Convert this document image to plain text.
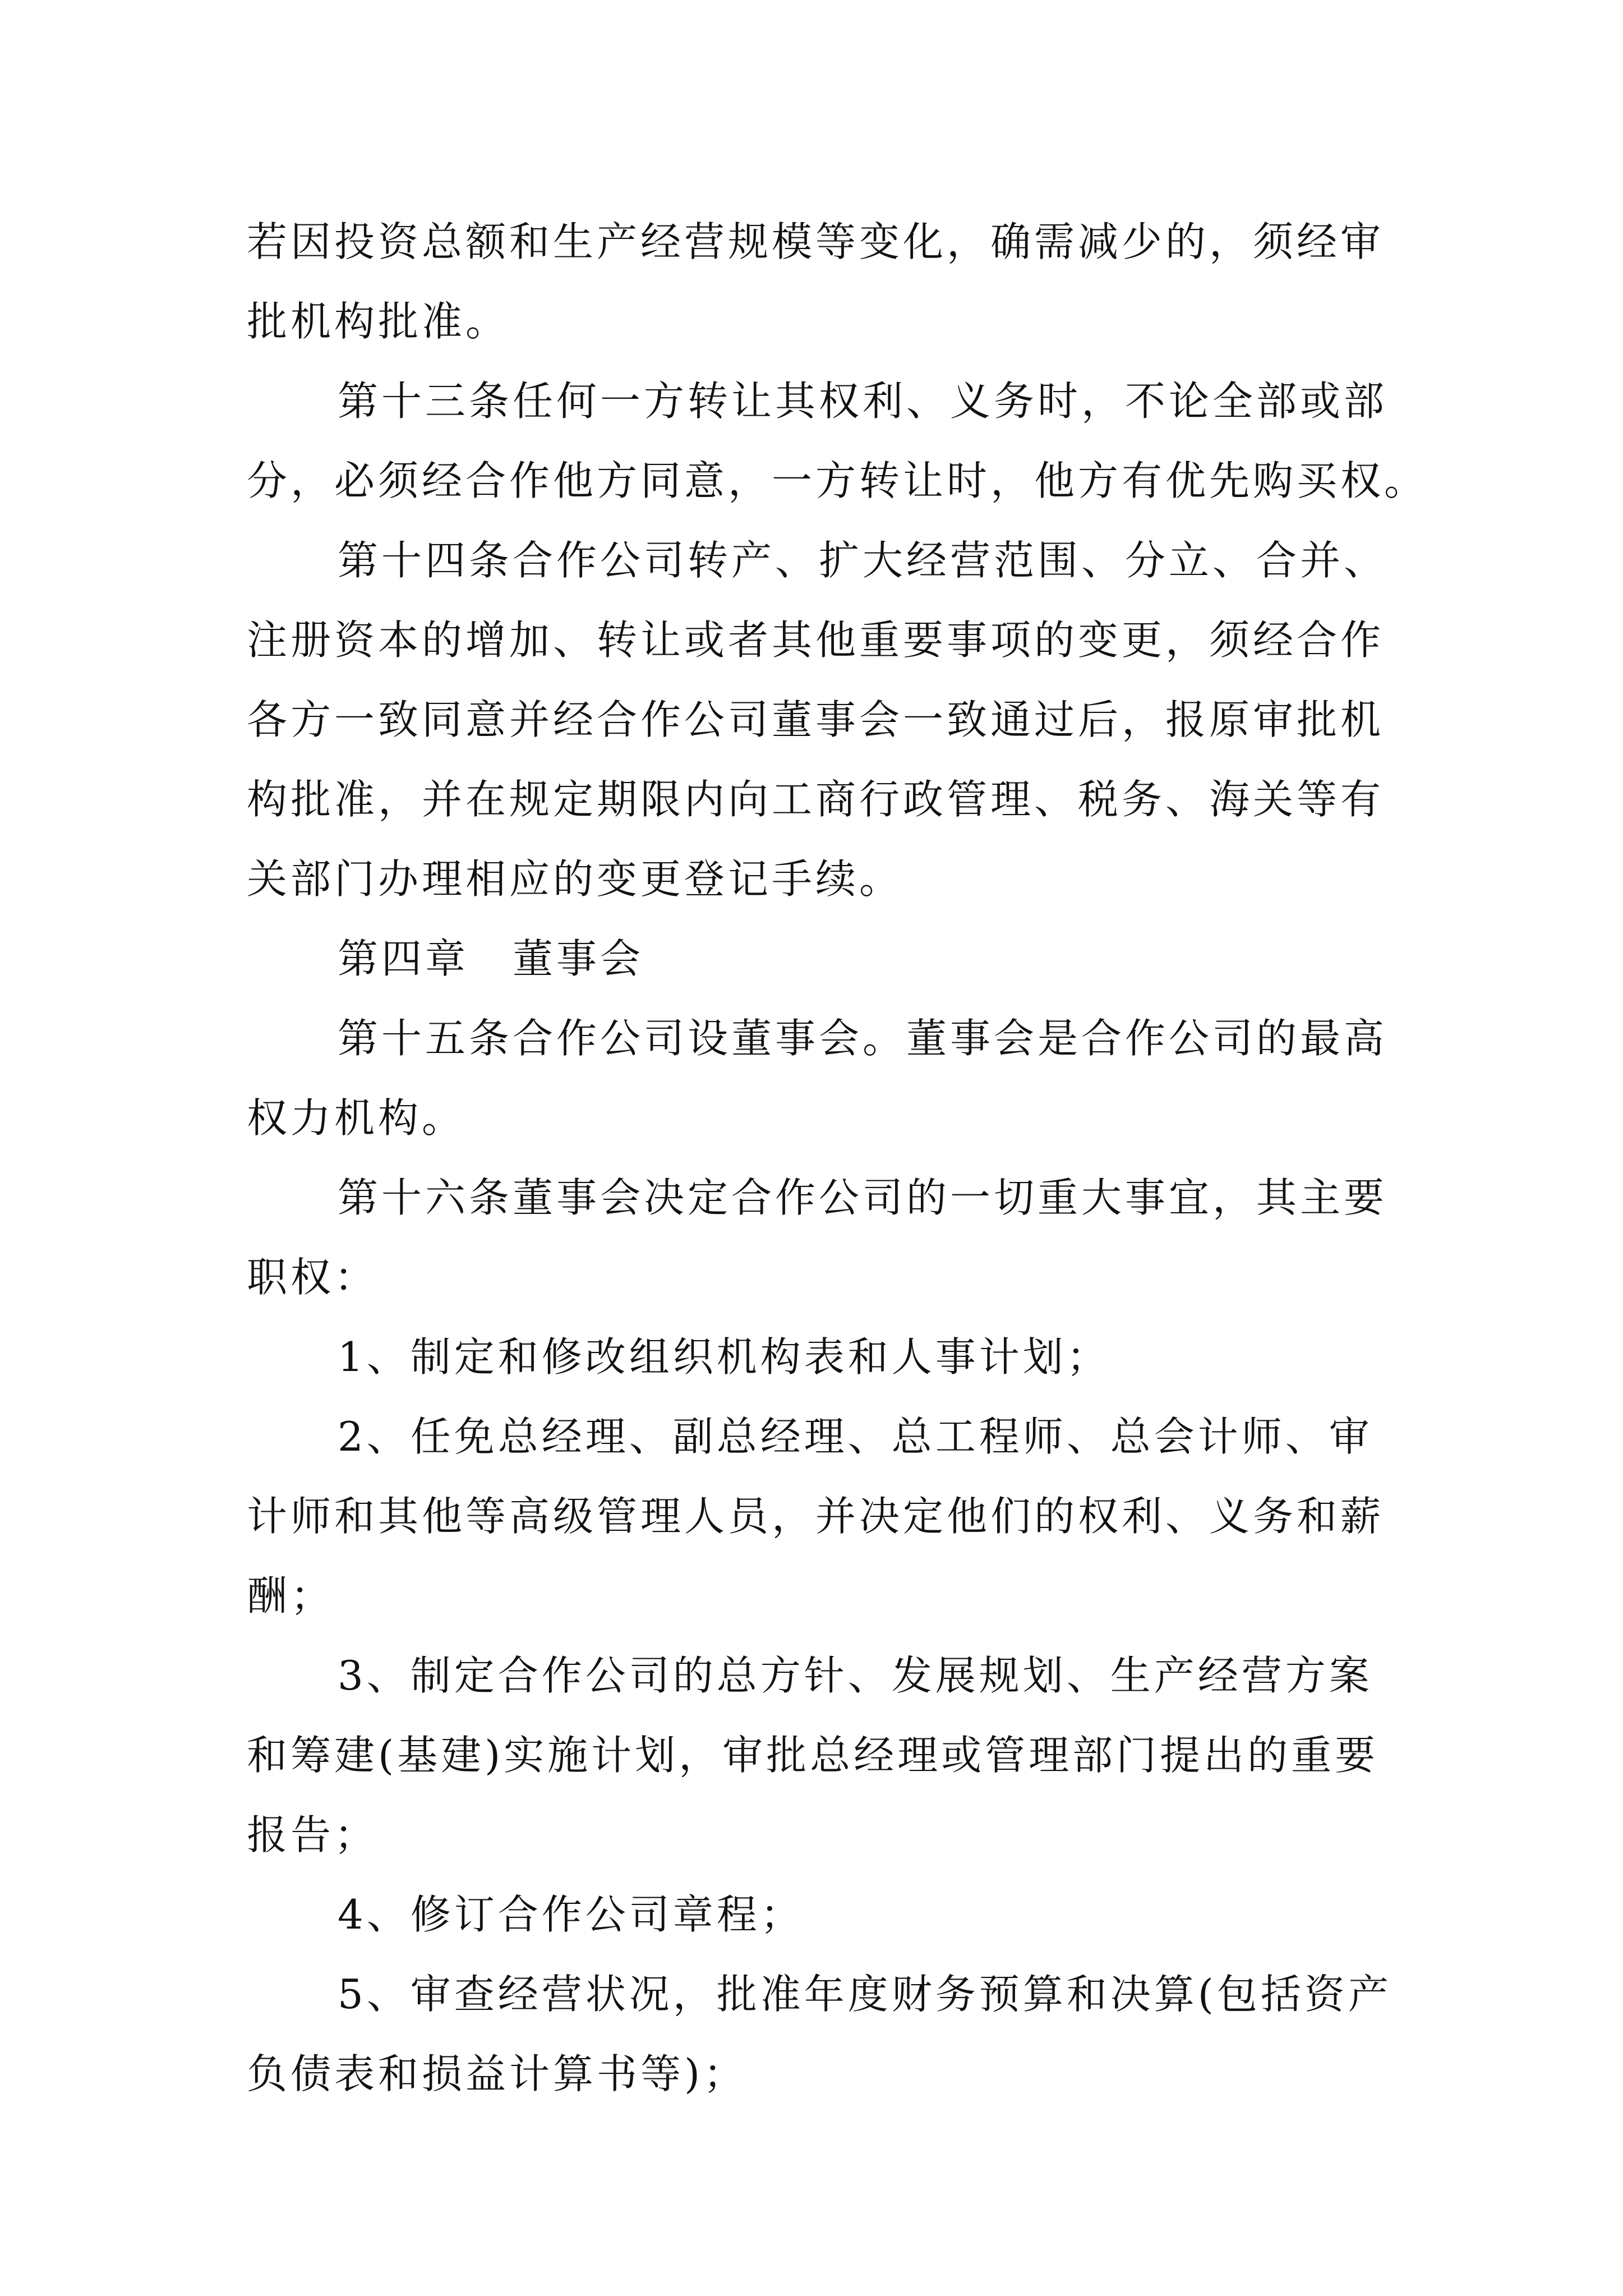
若因投资总额和生产经营规模等变化，确需减少的，须经审
批机构批准。
第十三条任何一方转让其权利、义务时，不论全部或部
分，必须经合作他方同意，一方转让时，他方有优先购买权。
第十四条合作公司转产、扩大经营范围、分立、合并、
注册资本的增加、转让或者其他重要事项的变更，须经合作
各方一致同意并经合作公司董事会一致通过后，报原审批机
构批准，并在规定期限内向工商行政管理、税务、海关等有
关部门办理相应的变更登记手续。
第四章　董事会
第十五条合作公司设董事会。董事会是合作公司的最高
权力机构。
第十六条董事会决定合作公司的一切重大事宜，其主要
职权：
1、制定和修改组织机构表和人事计划；
2、任免总经理、副总经理、总工程师、总会计师、审
计师和其他等高级管理人员，并决定他们的权利、义务和薪
酬；
3、制定合作公司的总方针、发展规划、生产经营方案
和筹建(基建)实施计划，审批总经理或管理部门提出的重要
报告；
4、修订合作公司章程；
5、审查经营状况，批准年度财务预算和决算(包括资产
负债表和损益计算书等)；
